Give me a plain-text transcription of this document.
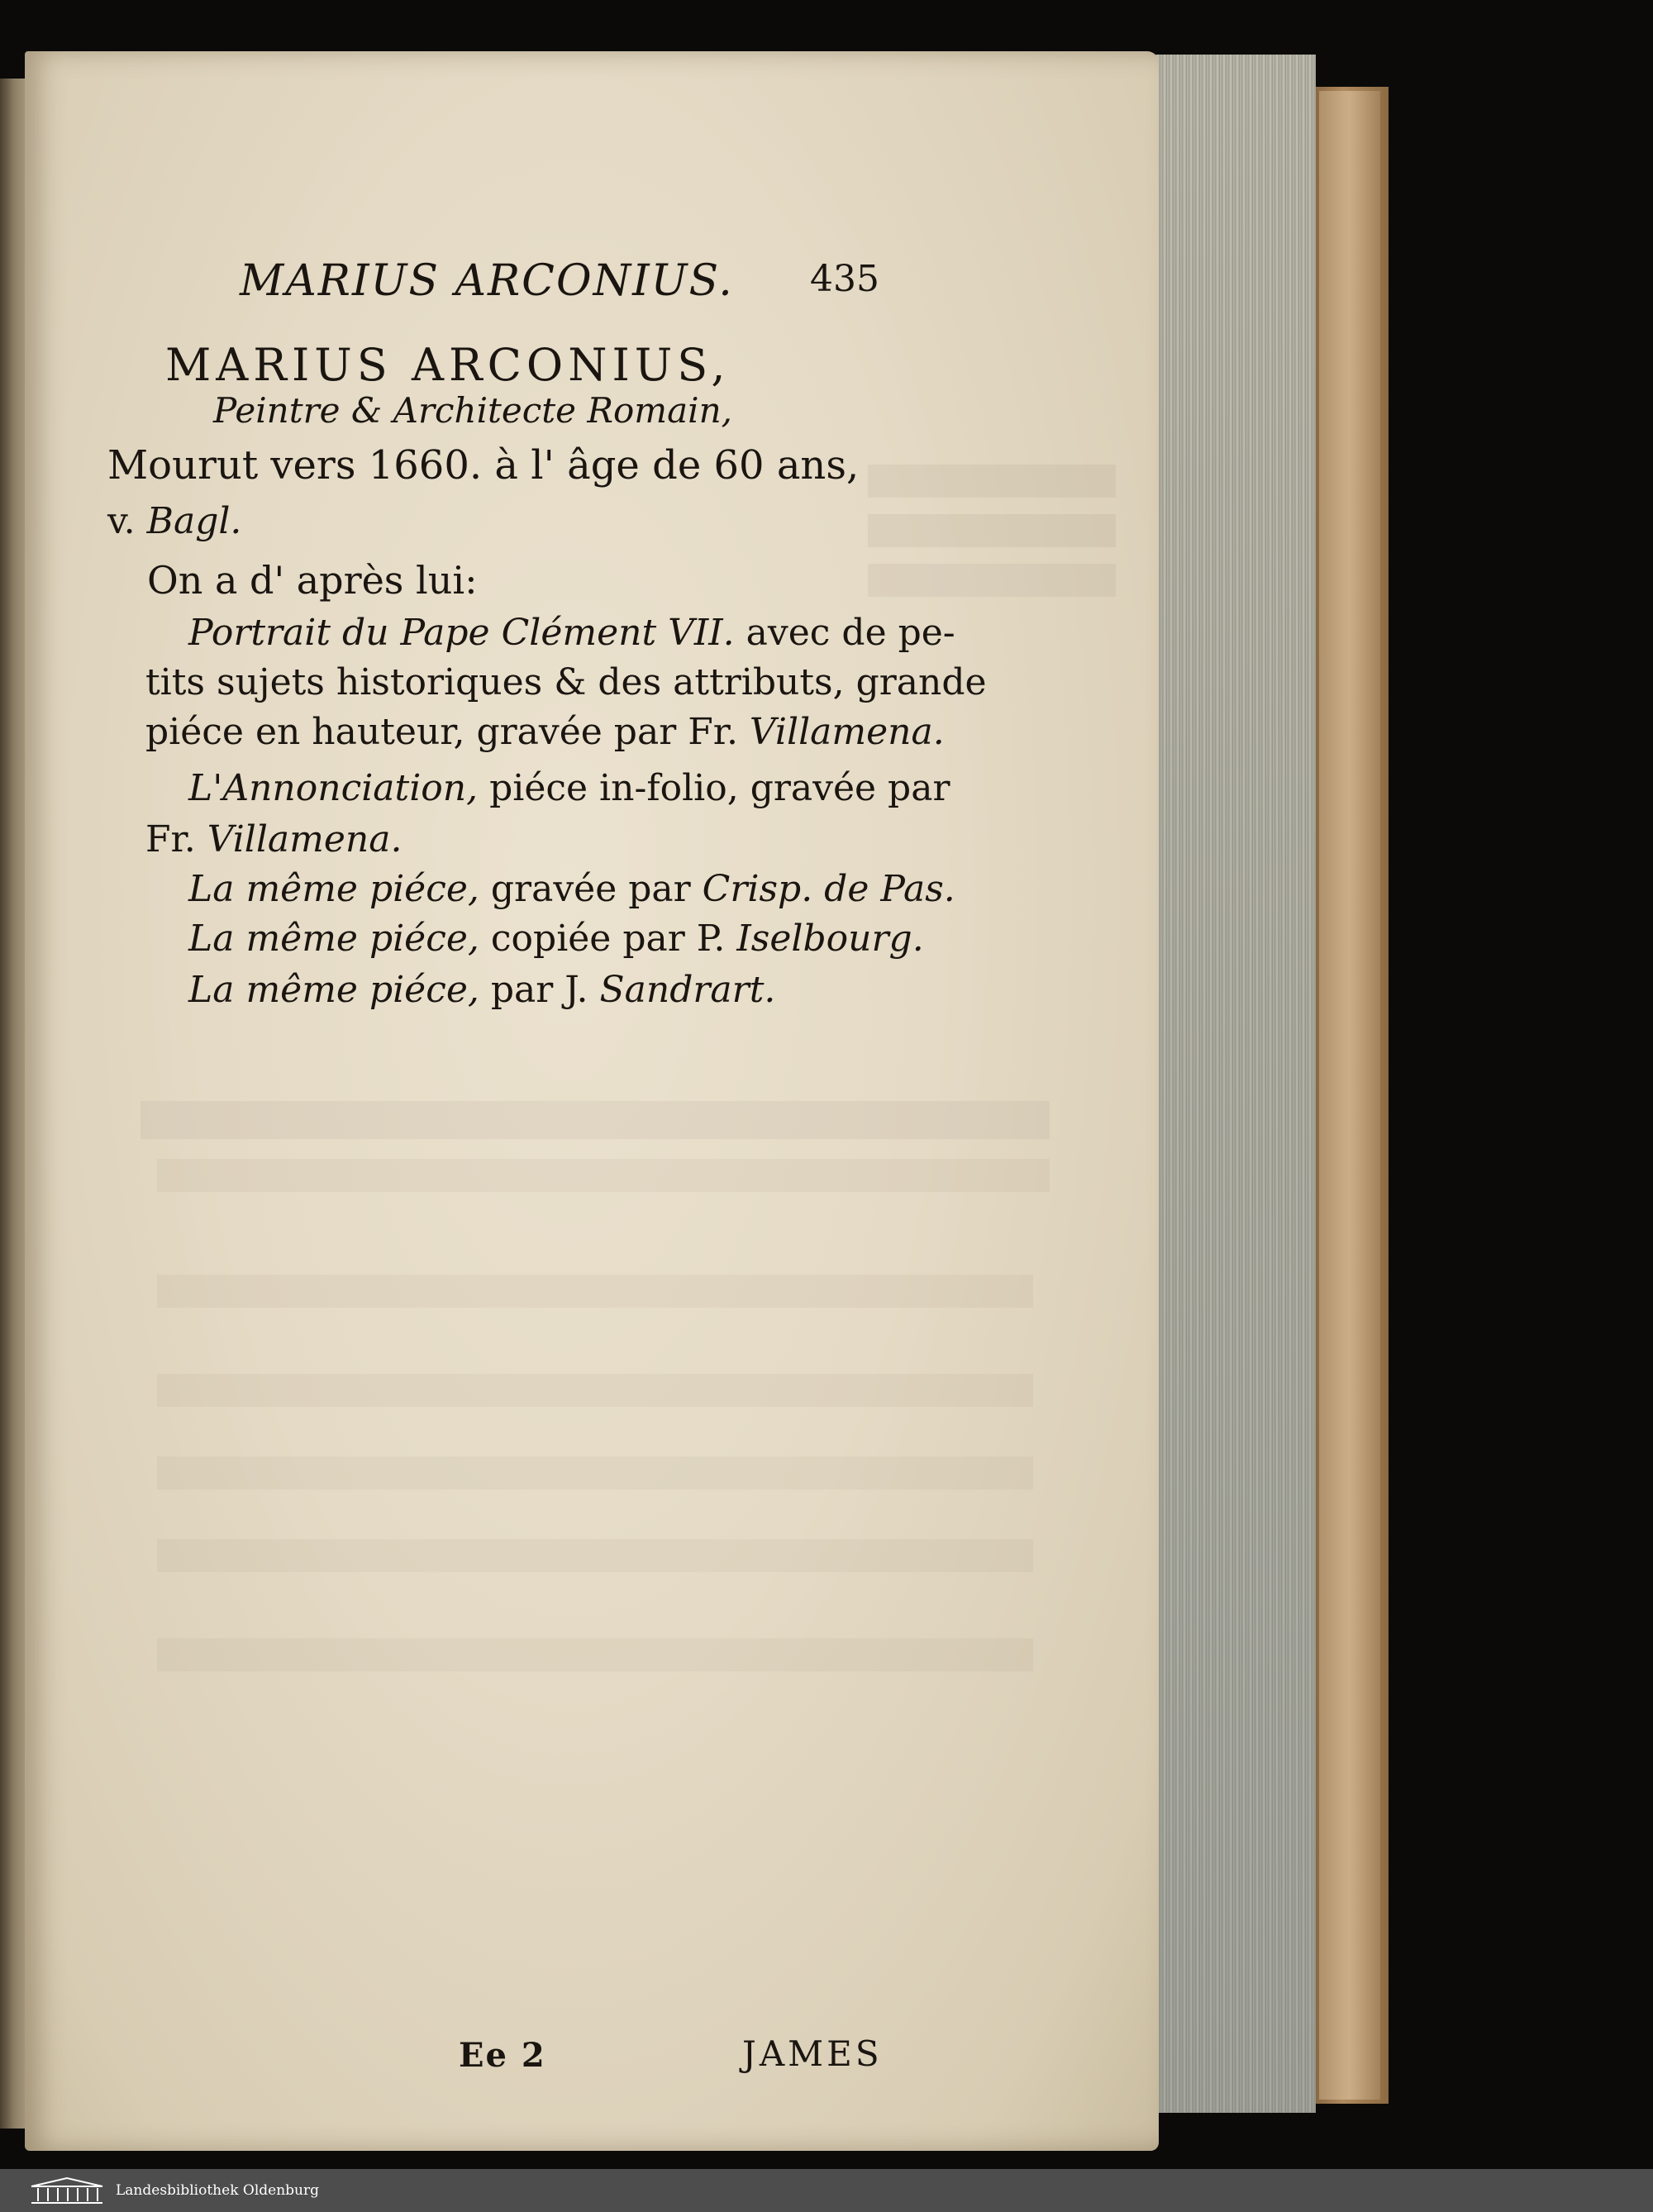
MARIUS ARCONIUS. 435
MARIUS ARCONIUS,
Peintre & Architecte Romain,
Mourut vers 1660. à l' âge de 60 ans,
v. Bagl.
On a d' après lui:
Portrait du Pape Clément VII. avec de pe-
tits sujets historiques & des attributs, grande
piéce en hauteur, gravée par Fr. Villamena.
L'Annonciation, piéce in-folio, gravée par
Fr. Villamena.
La même piéce, gravée par Crisp. de Pas.
La même piéce, copiée par P. Iselbourg.
La même piéce, par J. Sandrart.
Ee 2	JAMES
Landesbibliothek Oldenburg
